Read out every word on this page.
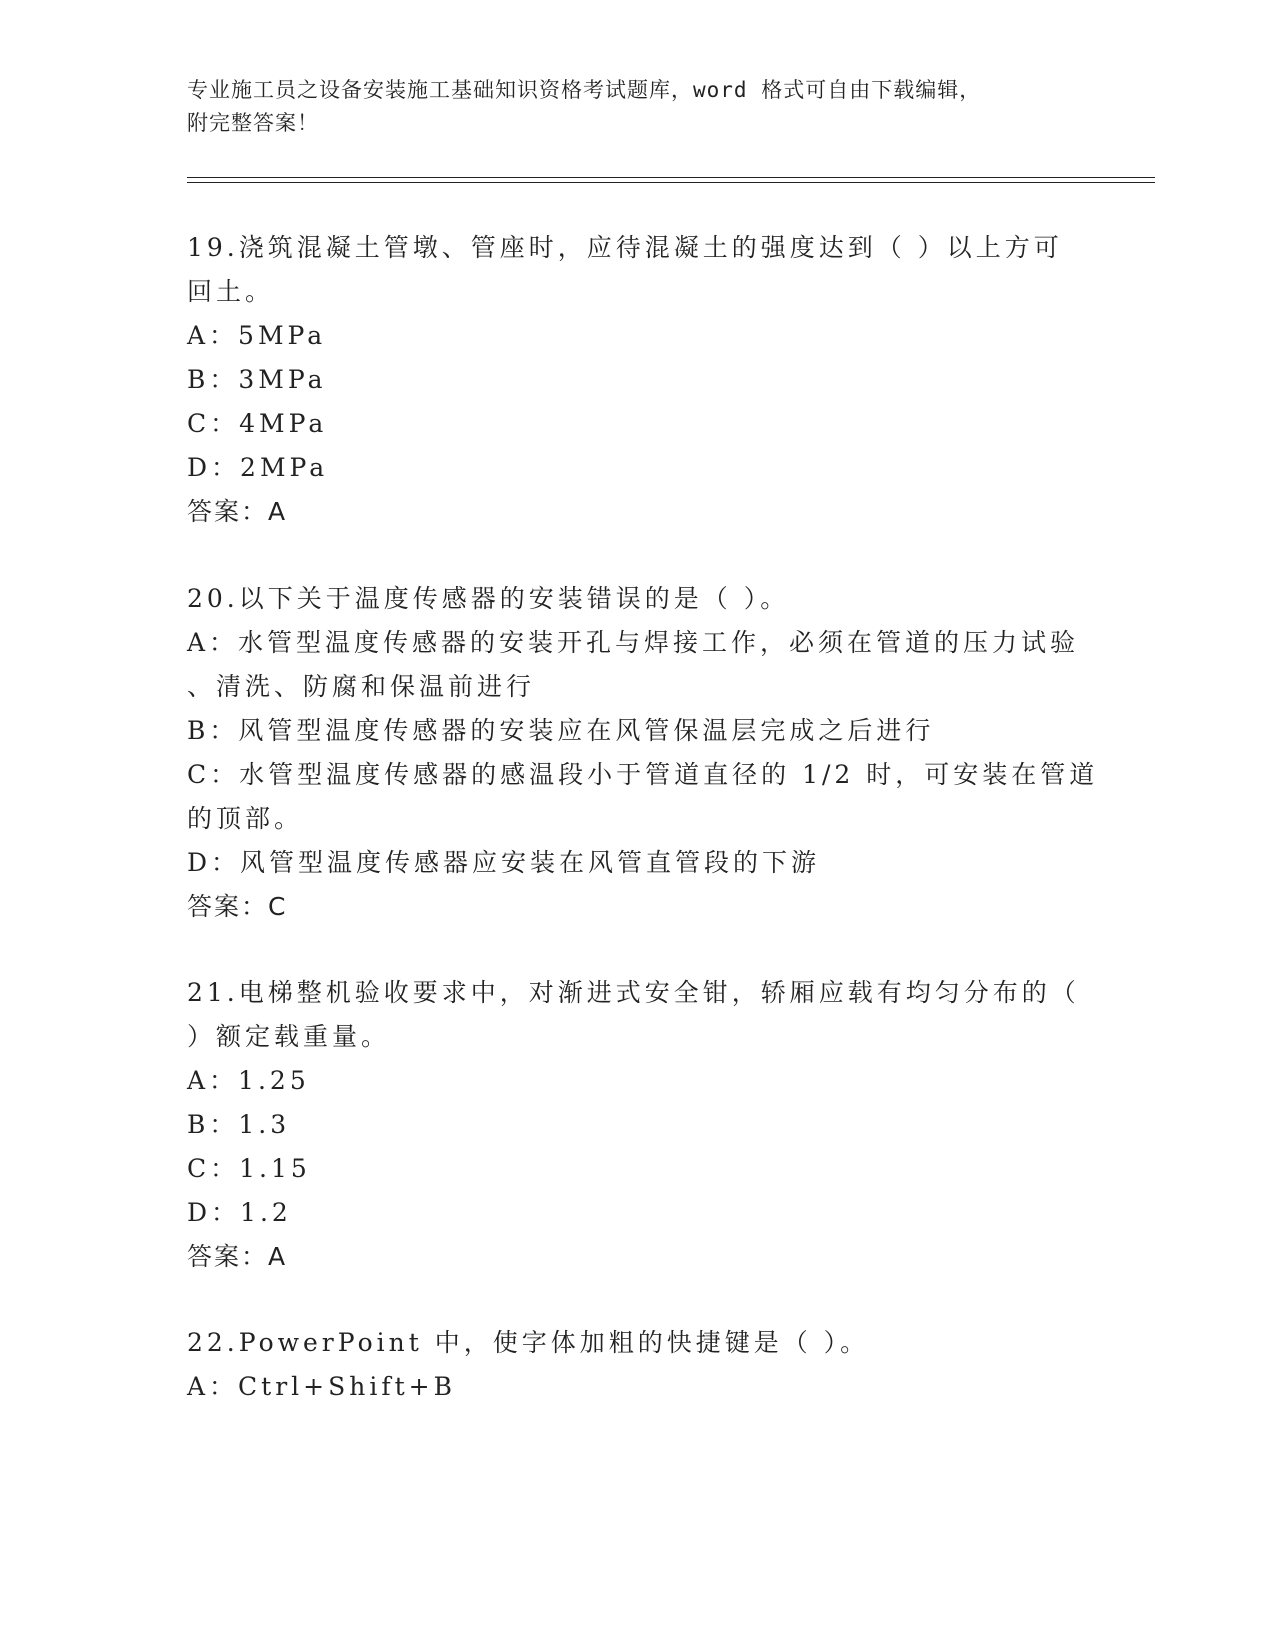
专业施工员之设备安装施工基础知识资格考试题库，word 格式可自由下载编辑，
附完整答案！
19.浇筑混凝土管墩、管座时，应待混凝土的强度达到（ ）以上方可
回土。
A：5MPa
B：3MPa
C：4MPa
D：2MPa
答案：A
20.以下关于温度传感器的安装错误的是（ ）。
A：水管型温度传感器的安装开孔与焊接工作，必须在管道的压力试验
、清洗、防腐和保温前进行
B：风管型温度传感器的安装应在风管保温层完成之后进行
C：水管型温度传感器的感温段小于管道直径的 1/2 时，可安装在管道
的顶部。
D：风管型温度传感器应安装在风管直管段的下游
答案：C
21.电梯整机验收要求中，对渐进式安全钳，轿厢应载有均匀分布的（
）额定载重量。
A：1.25
B：1.3
C：1.15
D：1.2
答案：A
22.PowerPoint 中，使字体加粗的快捷键是（ ）。
A：Ctrl+Shift+B
